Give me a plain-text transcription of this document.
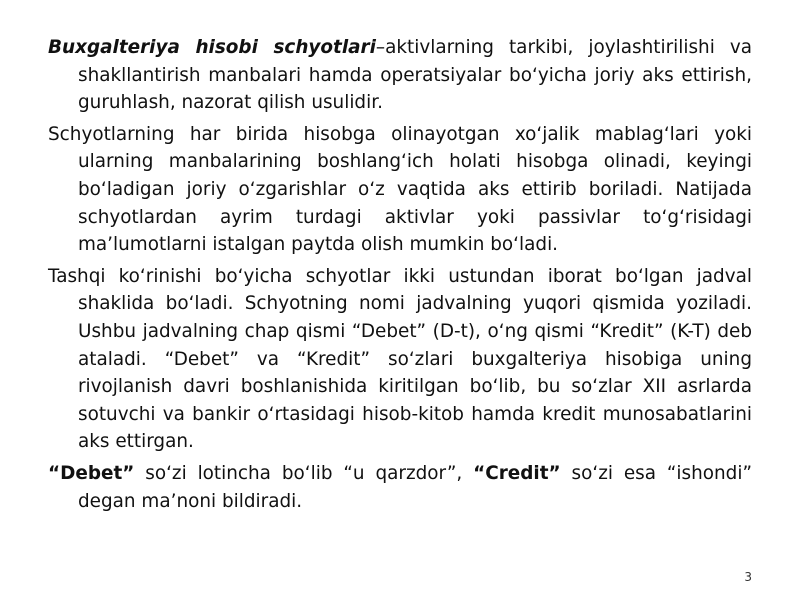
Buxgalteriya hisobi schyotlari–aktivlarning tarkibi, joylashtirilishi va shakllantirish manbalari hamda operatsiyalar bo‘yicha joriy aks ettirish, guruhlash, nazorat qilish usulidir.

Schyotlarning har birida hisobga olinayotgan xo‘jalik mablag‘lari yoki ularning manbalarining boshlang‘ich holati hisobga olinadi, keyingi bo‘ladigan joriy o‘zgarishlar o‘z vaqtida aks ettirib boriladi. Natijada schyotlardan ayrim turdagi aktivlar yoki passivlar to‘g‘risidagi ma’lumotlarni istalgan paytda olish mumkin bo‘ladi.

Tashqi ko‘rinishi bo‘yicha schyotlar ikki ustundan iborat bo‘lgan jadval shaklida bo‘ladi. Schyotning nomi jadvalning yuqori qismida yoziladi. Ushbu jadvalning chap qismi “Debet” (D-t), o‘ng qismi “Kredit” (K-T) deb ataladi. “Debet” va “Kredit” so‘zlari buxgalteriya hisobiga uning rivojlanish davri boshlanishida kiritilgan bo‘lib, bu so‘zlar XII asrlarda sotuvchi va bankir o‘rtasidagi hisob-kitob hamda kredit munosabatlarini aks ettirgan.

“Debet” so‘zi lotincha bo‘lib “u qarzdor”, “Credit” so‘zi esa “ishondi” degan ma’noni bildiradi.

3
